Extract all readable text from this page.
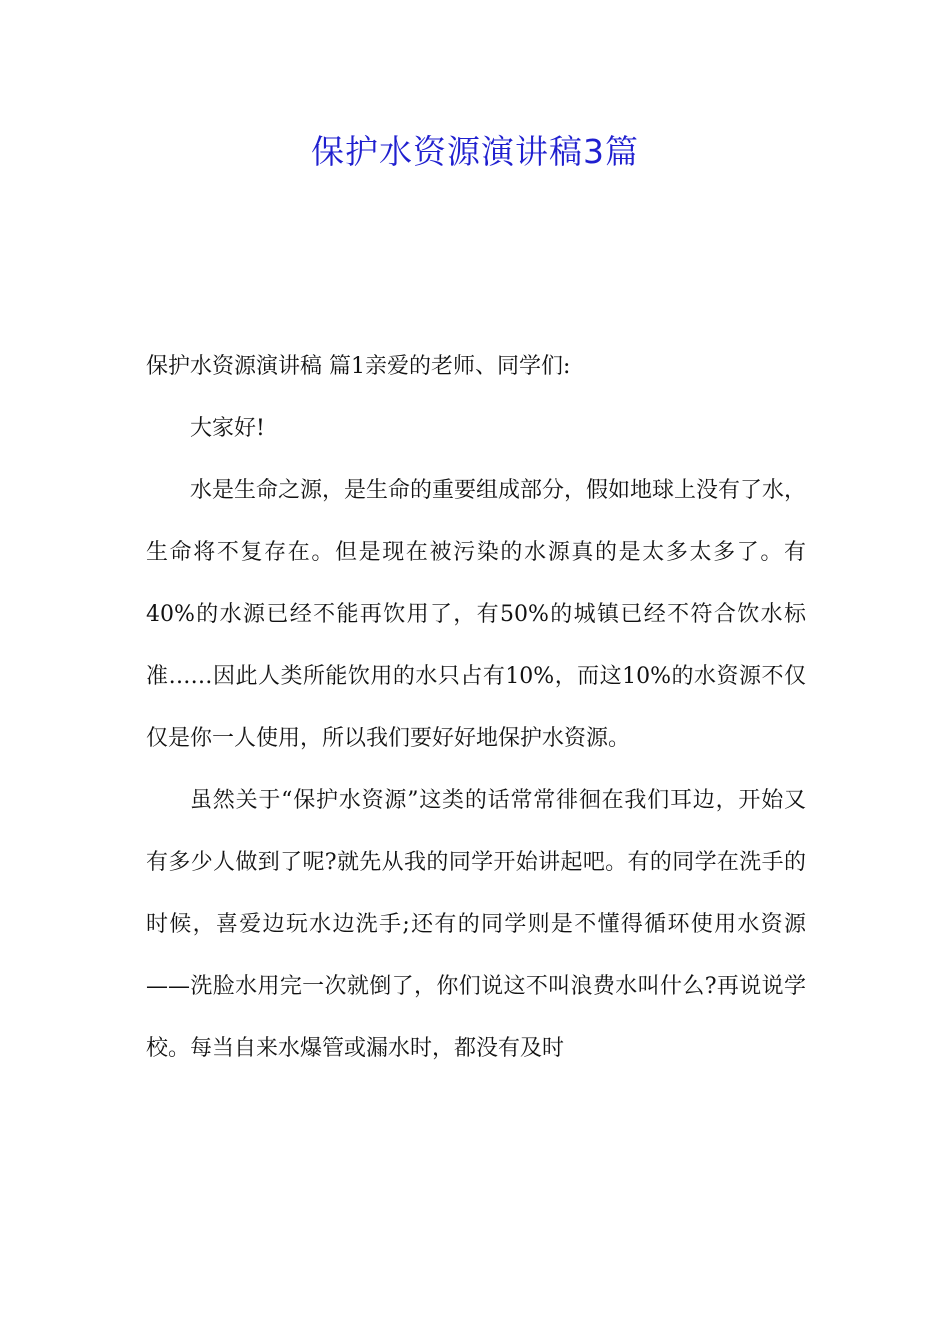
保护水资源演讲稿3篇

保护水资源演讲稿 篇1亲爱的老师、同学们:

大家好!

水是生命之源，是生命的重要组成部分，假如地球上没有了水，生命将不复存在。但是现在被污染的水源真的是太多太多了。有40%的水源已经不能再饮用了，有50%的城镇已经不符合饮水标准……因此人类所能饮用的水只占有10%，而这10%的水资源不仅仅是你一人使用，所以我们要好好地保护水资源。

虽然关于“保护水资源”这类的话常常徘徊在我们耳边，开始又有多少人做到了呢?就先从我的同学开始讲起吧。有的同学在洗手的时候，喜爱边玩水边洗手;还有的同学则是不懂得循环使用水资源——洗脸水用完一次就倒了，你们说这不叫浪费水叫什么?再说说学校。每当自来水爆管或漏水时，都没有及时
